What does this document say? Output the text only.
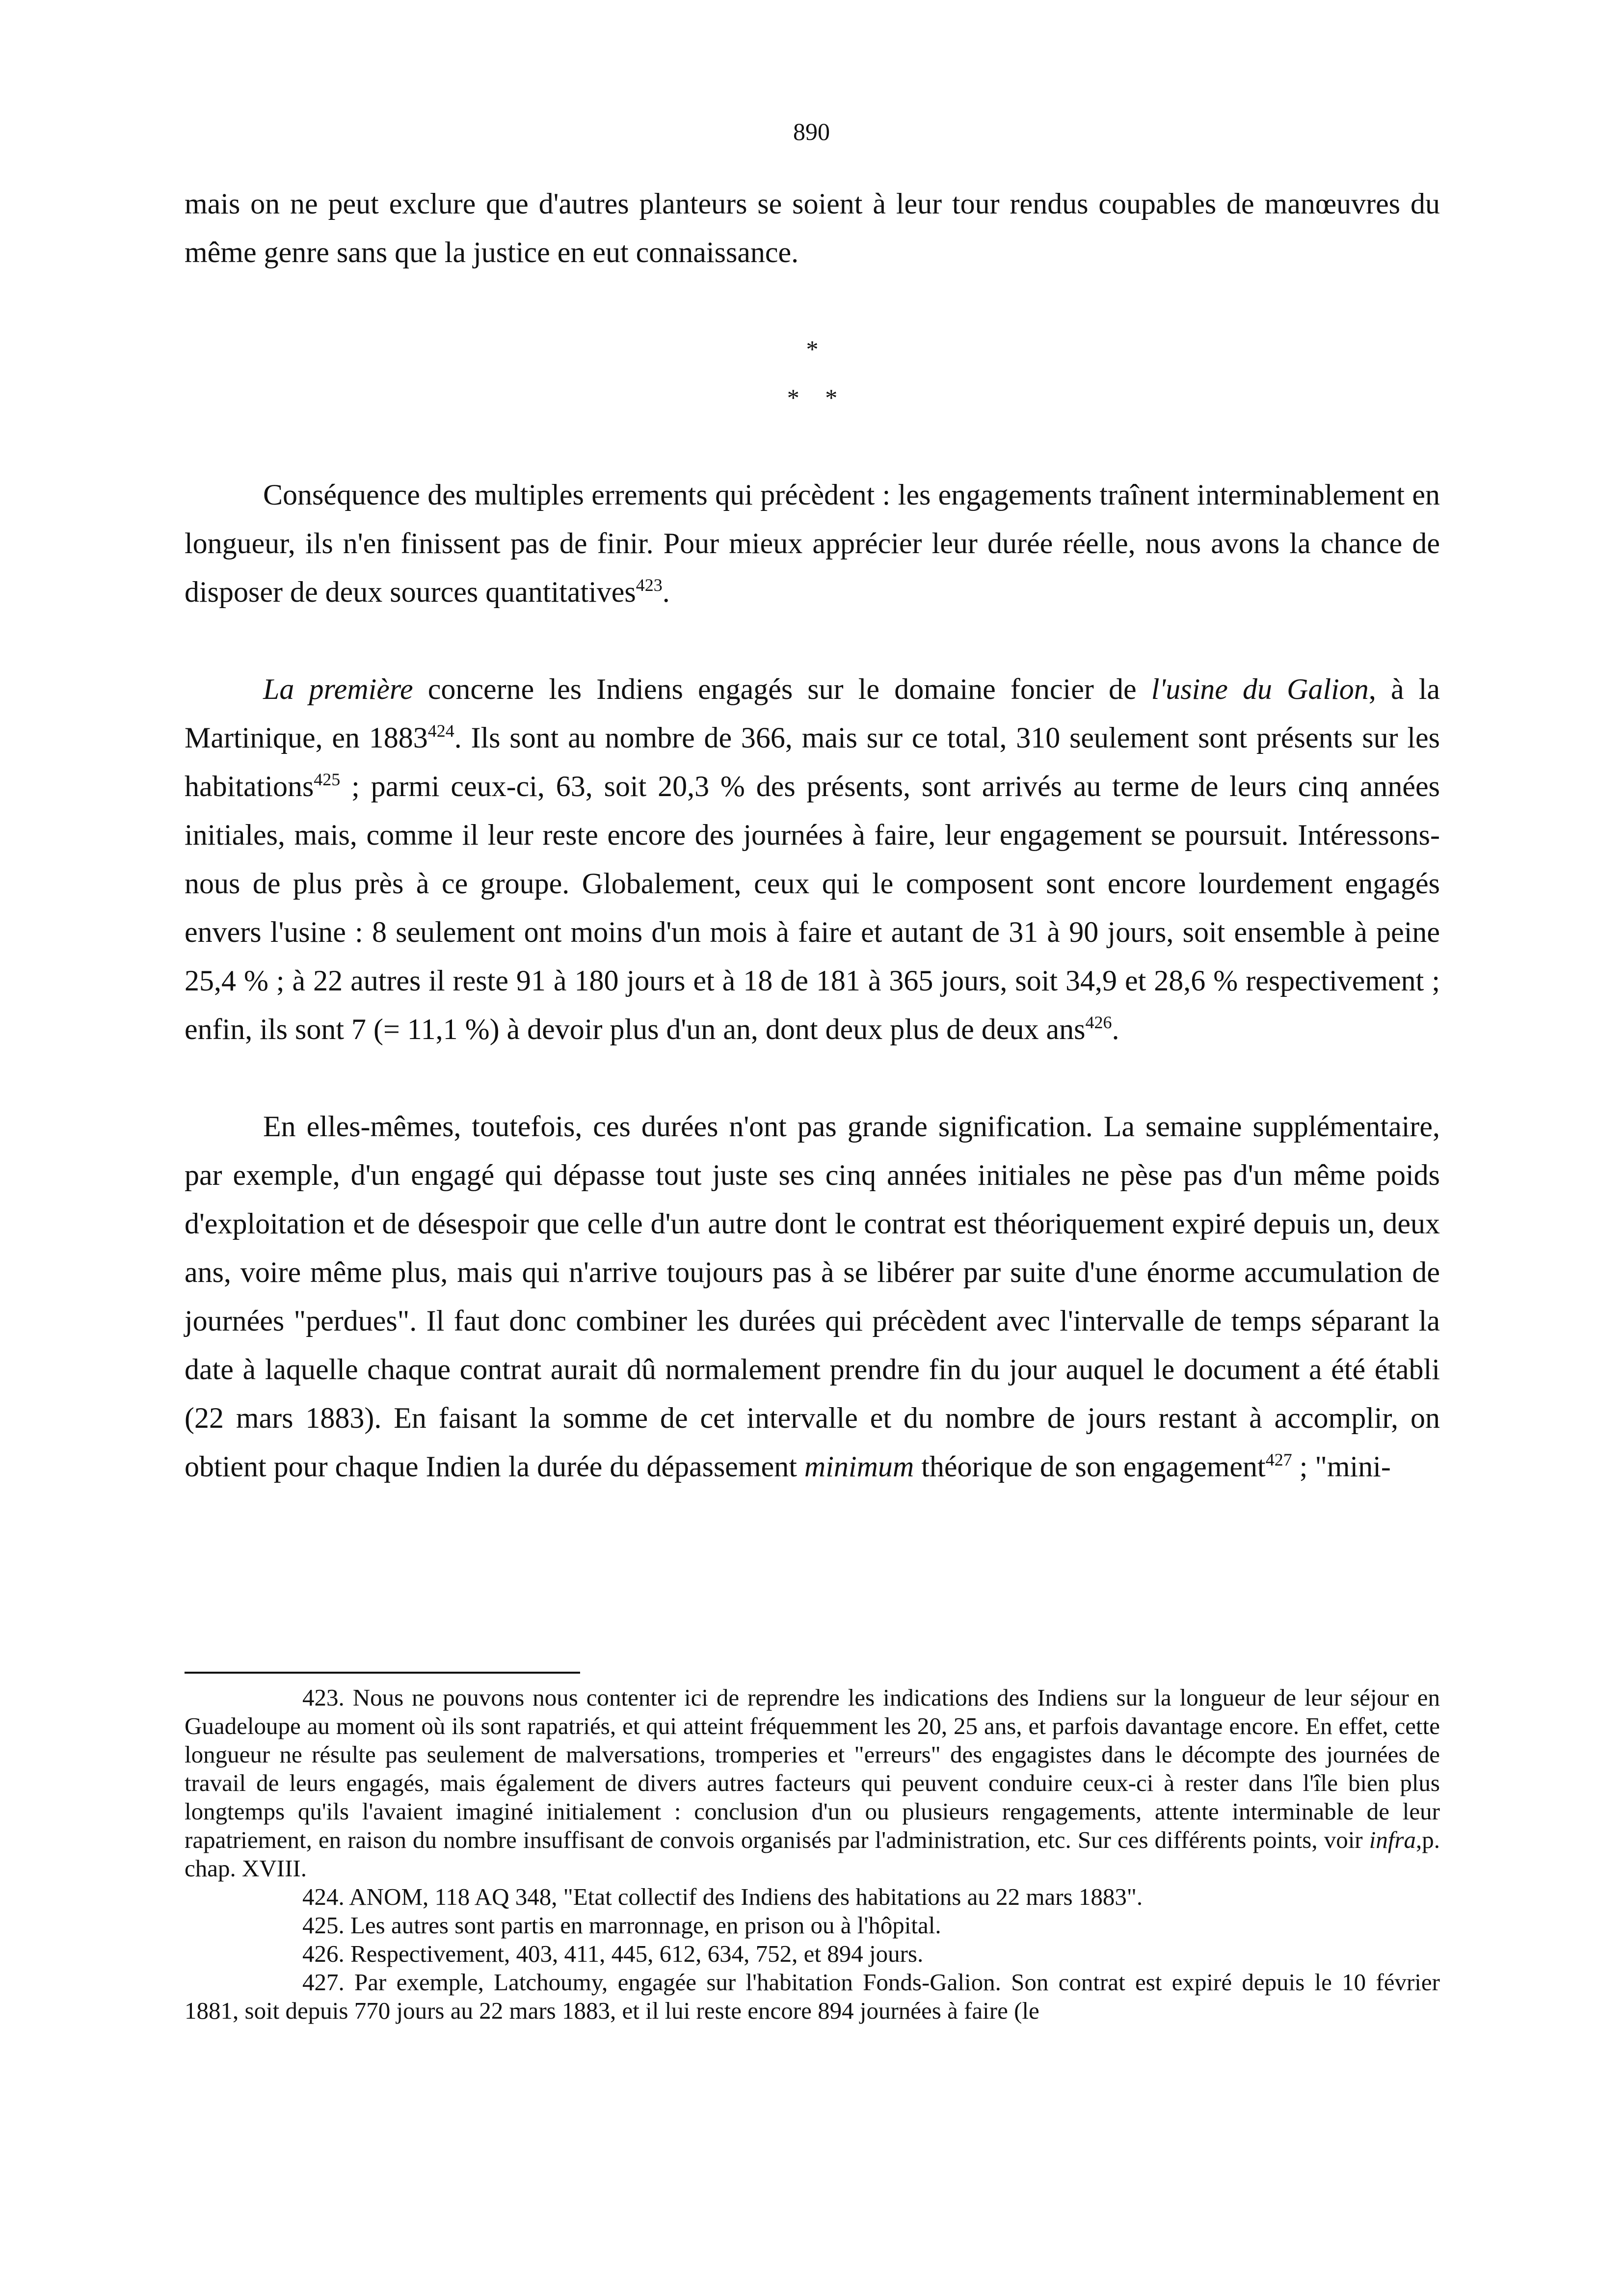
890

mais on ne peut exclure que d'autres planteurs se soient à leur tour rendus coupables de manœuvres du même genre sans que la justice en eut connaissance.

*
* *

Conséquence des multiples errements qui précèdent : les engagements traînent interminablement en longueur, ils n'en finissent pas de finir. Pour mieux apprécier leur durée réelle, nous avons la chance de disposer de deux sources quantitatives$^{423}$.

La première concerne les Indiens engagés sur le domaine foncier de l'usine du Galion, à la Martinique, en 1883$^{424}$. Ils sont au nombre de 366, mais sur ce total, 310 seulement sont présents sur les habitations$^{425}$ ; parmi ceux-ci, 63, soit 20,3 % des présents, sont arrivés au terme de leurs cinq années initiales, mais, comme il leur reste encore des journées à faire, leur engagement se poursuit. Intéressons-nous de plus près à ce groupe. Globalement, ceux qui le composent sont encore lourdement engagés envers l'usine : 8 seulement ont moins d'un mois à faire et autant de 31 à 90 jours, soit ensemble à peine 25,4 % ; à 22 autres il reste 91 à 180 jours et à 18 de 181 à 365 jours, soit 34,9 et 28,6 % respectivement ; enfin, ils sont 7 (= 11,1 %) à devoir plus d'un an, dont deux plus de deux ans$^{426}$.

En elles-mêmes, toutefois, ces durées n'ont pas grande signification. La semaine supplémentaire, par exemple, d'un engagé qui dépasse tout juste ses cinq années initiales ne pèse pas d'un même poids d'exploitation et de désespoir que celle d'un autre dont le contrat est théoriquement expiré depuis un, deux ans, voire même plus, mais qui n'arrive toujours pas à se libérer par suite d'une énorme accumulation de journées "perdues". Il faut donc combiner les durées qui précèdent avec l'intervalle de temps séparant la date à laquelle chaque contrat aurait dû normalement prendre fin du jour auquel le document a été établi (22 mars 1883). En faisant la somme de cet intervalle et du nombre de jours restant à accomplir, on obtient pour chaque Indien la durée du dépassement minimum théorique de son engagement$^{427}$ ; "mini-

423. Nous ne pouvons nous contenter ici de reprendre les indications des Indiens sur la longueur de leur séjour en Guadeloupe au moment où ils sont rapatriés, et qui atteint fréquemment les 20, 25 ans, et parfois davantage encore. En effet, cette longueur ne résulte pas seulement de malversations, tromperies et "erreurs" des engagistes dans le décompte des journées de travail de leurs engagés, mais également de divers autres facteurs qui peuvent conduire ceux-ci à rester dans l'île bien plus longtemps qu'ils l'avaient imaginé initialement : conclusion d'un ou plusieurs rengagements, attente interminable de leur rapatriement, en raison du nombre insuffisant de convois organisés par l'administration, etc. Sur ces différents points, voir infra,p. chap. XVIII.

424. ANOM, 118 AQ 348, "Etat collectif des Indiens des habitations au 22 mars 1883".

425. Les autres sont partis en marronnage, en prison ou à l'hôpital.

426. Respectivement, 403, 411, 445, 612, 634, 752, et 894 jours.

427. Par exemple, Latchoumy, engagée sur l'habitation Fonds-Galion. Son contrat est expiré depuis le 10 février 1881, soit depuis 770 jours au 22 mars 1883, et il lui reste encore 894 journées à faire (le
